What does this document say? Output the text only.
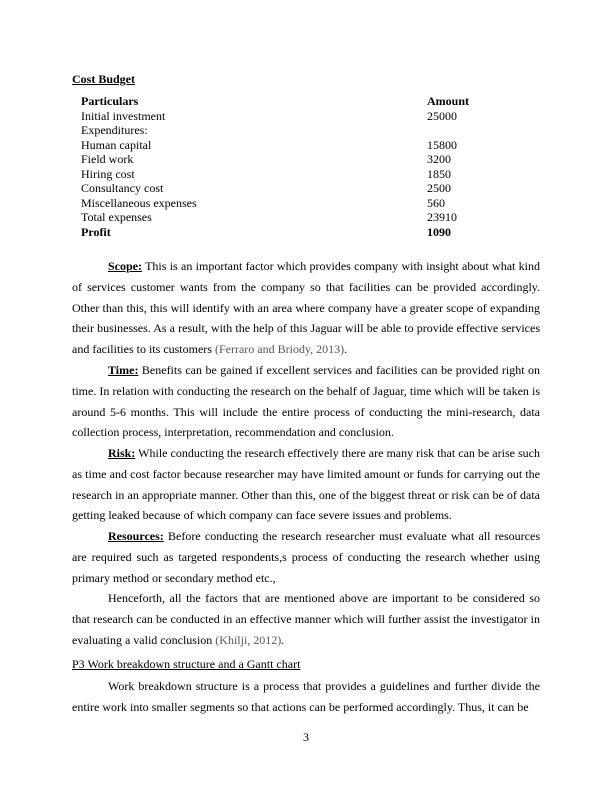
Cost Budget
Particulars	Amount
Initial investment	25000
Expenditures:	
Human capital	15800
Field work	3200
Hiring cost	1850
Consultancy cost	2500
Miscellaneous expenses	560
Total expenses	23910
Profit	1090

Scope: This is an important factor which provides company with insight about what kind of services customer wants from the company so that facilities can be provided accordingly. Other than this, this will identify with an area where company have a greater scope of expanding their businesses. As a result, with the help of this Jaguar will be able to provide effective services and facilities to its customers (Ferraro and Briody, 2013).

Time: Benefits can be gained if excellent services and facilities can be provided right on time. In relation with conducting the research on the behalf of Jaguar, time which will be taken is around 5-6 months. This will include the entire process of conducting the mini-research, data collection process, interpretation, recommendation and conclusion.

Risk: While conducting the research effectively there are many risk that can be arise such as time and cost factor because researcher may have limited amount or funds for carrying out the research in an appropriate manner. Other than this, one of the biggest threat or risk can be of data getting leaked because of which company can face severe issues and problems.

Resources: Before conducting the research researcher must evaluate what all resources are required such as targeted respondents,s process of conducting the research whether using primary method or secondary method etc.,

Henceforth, all the factors that are mentioned above are important to be considered so that research can be conducted in an effective manner which will further assist the investigator in evaluating a valid conclusion (Khilji, 2012).

P3 Work breakdown structure and a Gantt chart

Work breakdown structure is a process that provides a guidelines and further divide the entire work into smaller segments so that actions can be performed accordingly. Thus, it can be

3
